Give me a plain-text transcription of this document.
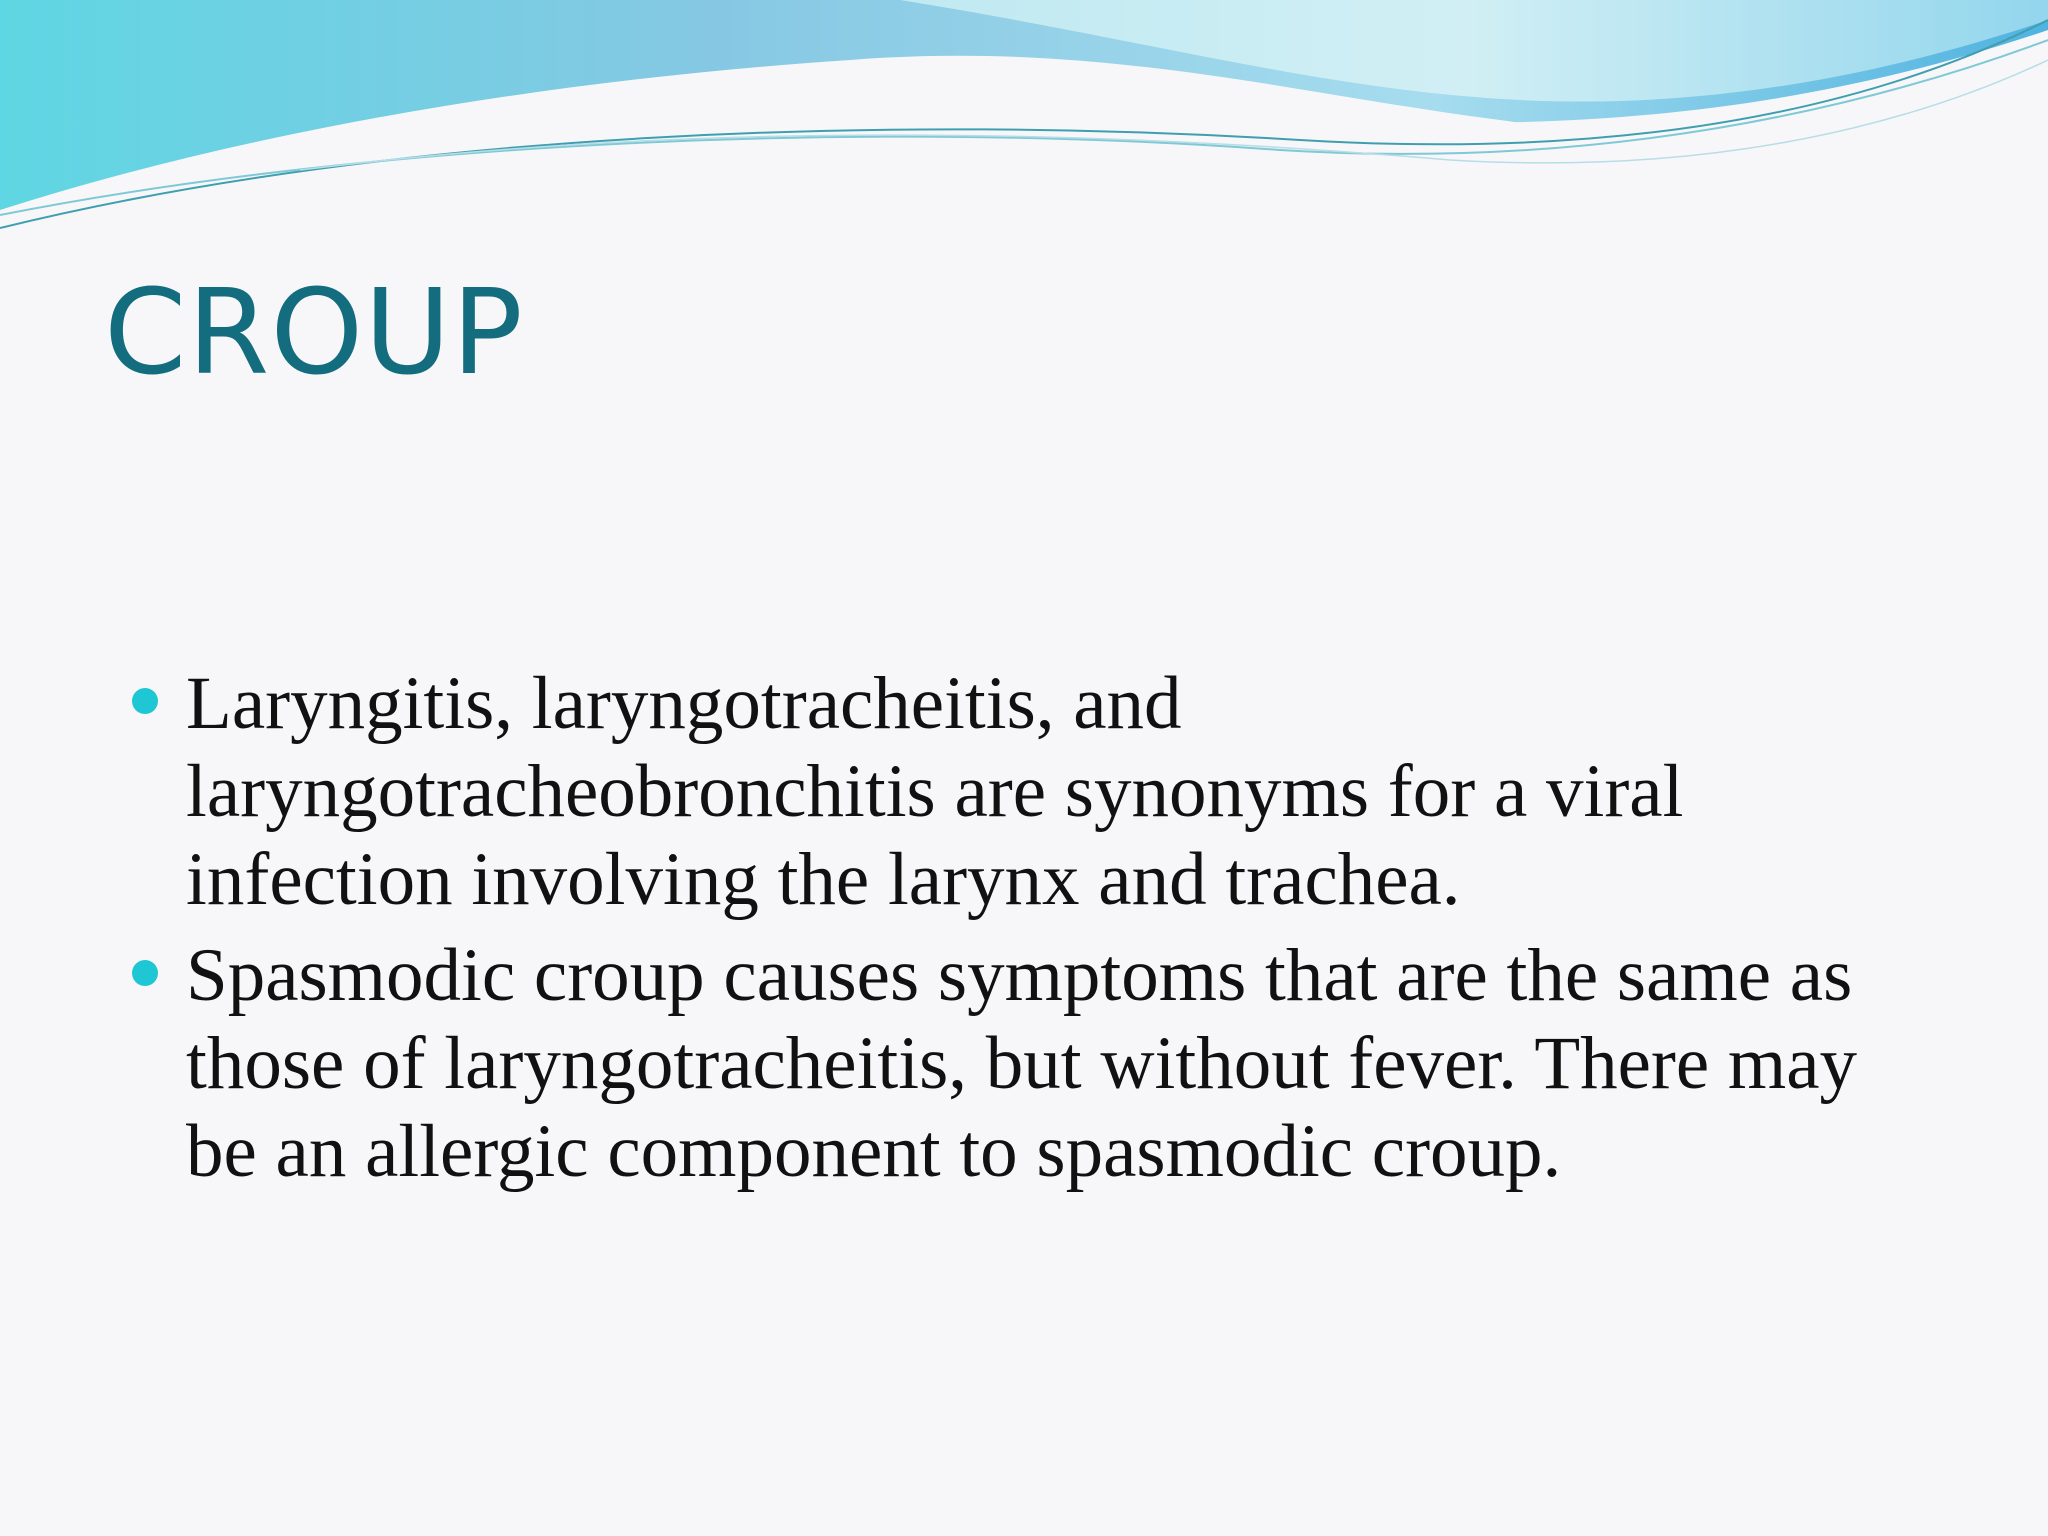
CROUP
Laryngitis, laryngotracheitis, and laryngotracheobronchitis are synonyms for a viral infection involving the larynx and trachea.
Spasmodic croup causes symptoms that are the same as those of laryngotracheitis, but without fever. There may be an allergic component to spasmodic croup.
